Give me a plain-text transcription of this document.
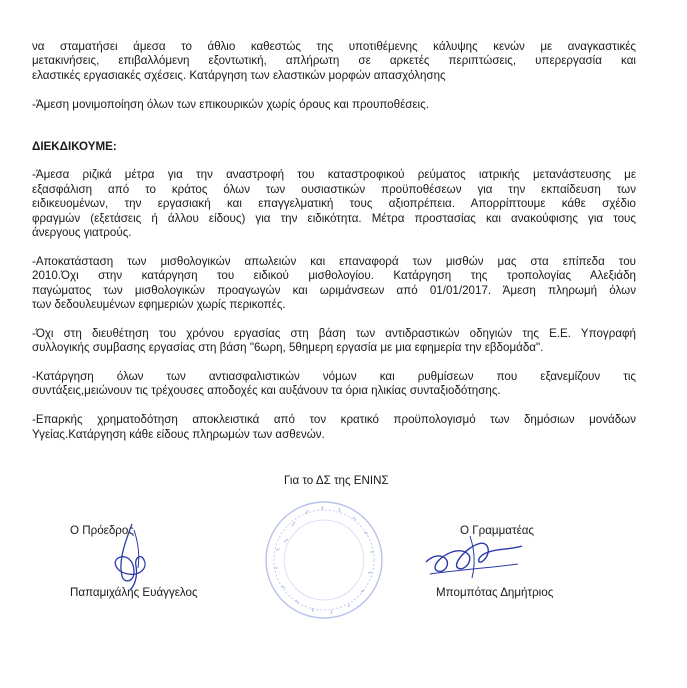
να σταματήσει άμεσα το άθλιο καθεστώς της υποτιθέμενης κάλυψης κενών με αναγκαστικές
μετακινήσεις, επιβαλλόμενη εξοντωτική, απλήρωτη σε αρκετές περιπτώσεις, υπερεργασία και
ελαστικές εργασιακές σχέσεις. Κατάργηση των ελαστικών μορφών απασχόλησης
-Άμεση μονιμοποίηση όλων των επικουρικών χωρίς όρους και προυποθέσεις.
ΔΙΕΚΔΙΚΟΥΜΕ:
-Άμεσα ριζικά μέτρα για την αναστροφή του καταστροφικού ρεύματος ιατρικής μετανάστευσης με
εξασφάλιση από το κράτος όλων των ουσιαστικών προϋποθέσεων για την εκπαίδευση των
ειδικευομένων, την εργασιακή και επαγγελματική τους αξιοπρέπεια. Απορρίπτουμε κάθε σχέδιο
φραγμών (εξετάσεις ή άλλου είδους) για την ειδικότητα. Μέτρα προστασίας και ανακούφισης για τους
άνεργους γιατρούς.
-Αποκατάσταση των μισθολογικών απωλειών και επαναφορά των μισθών μας στα επίπεδα του
2010.Όχι στην κατάργηση του ειδικού μισθολογίου. Κατάργηση της τροπολογίας Αλεξιάδη
παγώματος των μισθολογικών προαγωγών και ωριμάνσεων από 01/01/2017. Άμεση πληρωμή όλων
των δεδουλευμένων εφημεριών χωρίς περικοπές.
-Όχι στη διευθέτηση του χρόνου εργασίας στη βάση των αντιδραστικών οδηγιών της Ε.Ε. Υπογραφή
συλλογικής συμβασης εργασίας στη βάση "6ωρη, 5θημερη εργασία με μια εφημερία την εβδομάδα".
-Κατάργηση όλων των αντιασφαλιστικών νόμων και ρυθμίσεων που εξανεμίζουν τις
συντάξεις,μειώνουν τις τρέχουσες αποδοχές και αυξάνουν τα όρια ηλικίας συνταξιοδότησης.
-Επαρκής χρηματοδότηση αποκλειστικά από τον κρατικό προϋπολογισμό των δημόσιων μονάδων
Υγείας.Κατάργηση κάθε είδους πληρωμών των ασθενών.
Για το ΔΣ της ΕΝΙΝΣ
Ο Πρόεδρος	Ο Γραμματέας
Παπαμιχάλης Ευάγγελος	Μπομπότας Δημήτριος
